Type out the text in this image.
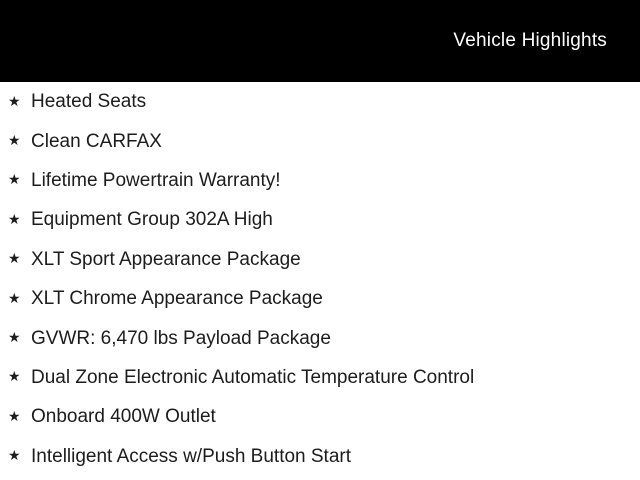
Vehicle Highlights
★ Heated Seats
★ Clean CARFAX
★ Lifetime Powertrain Warranty!
★ Equipment Group 302A High
★ XLT Sport Appearance Package
★ XLT Chrome Appearance Package
★ GVWR: 6,470 lbs Payload Package
★ Dual Zone Electronic Automatic Temperature Control
★ Onboard 400W Outlet
★ Intelligent Access w/Push Button Start
